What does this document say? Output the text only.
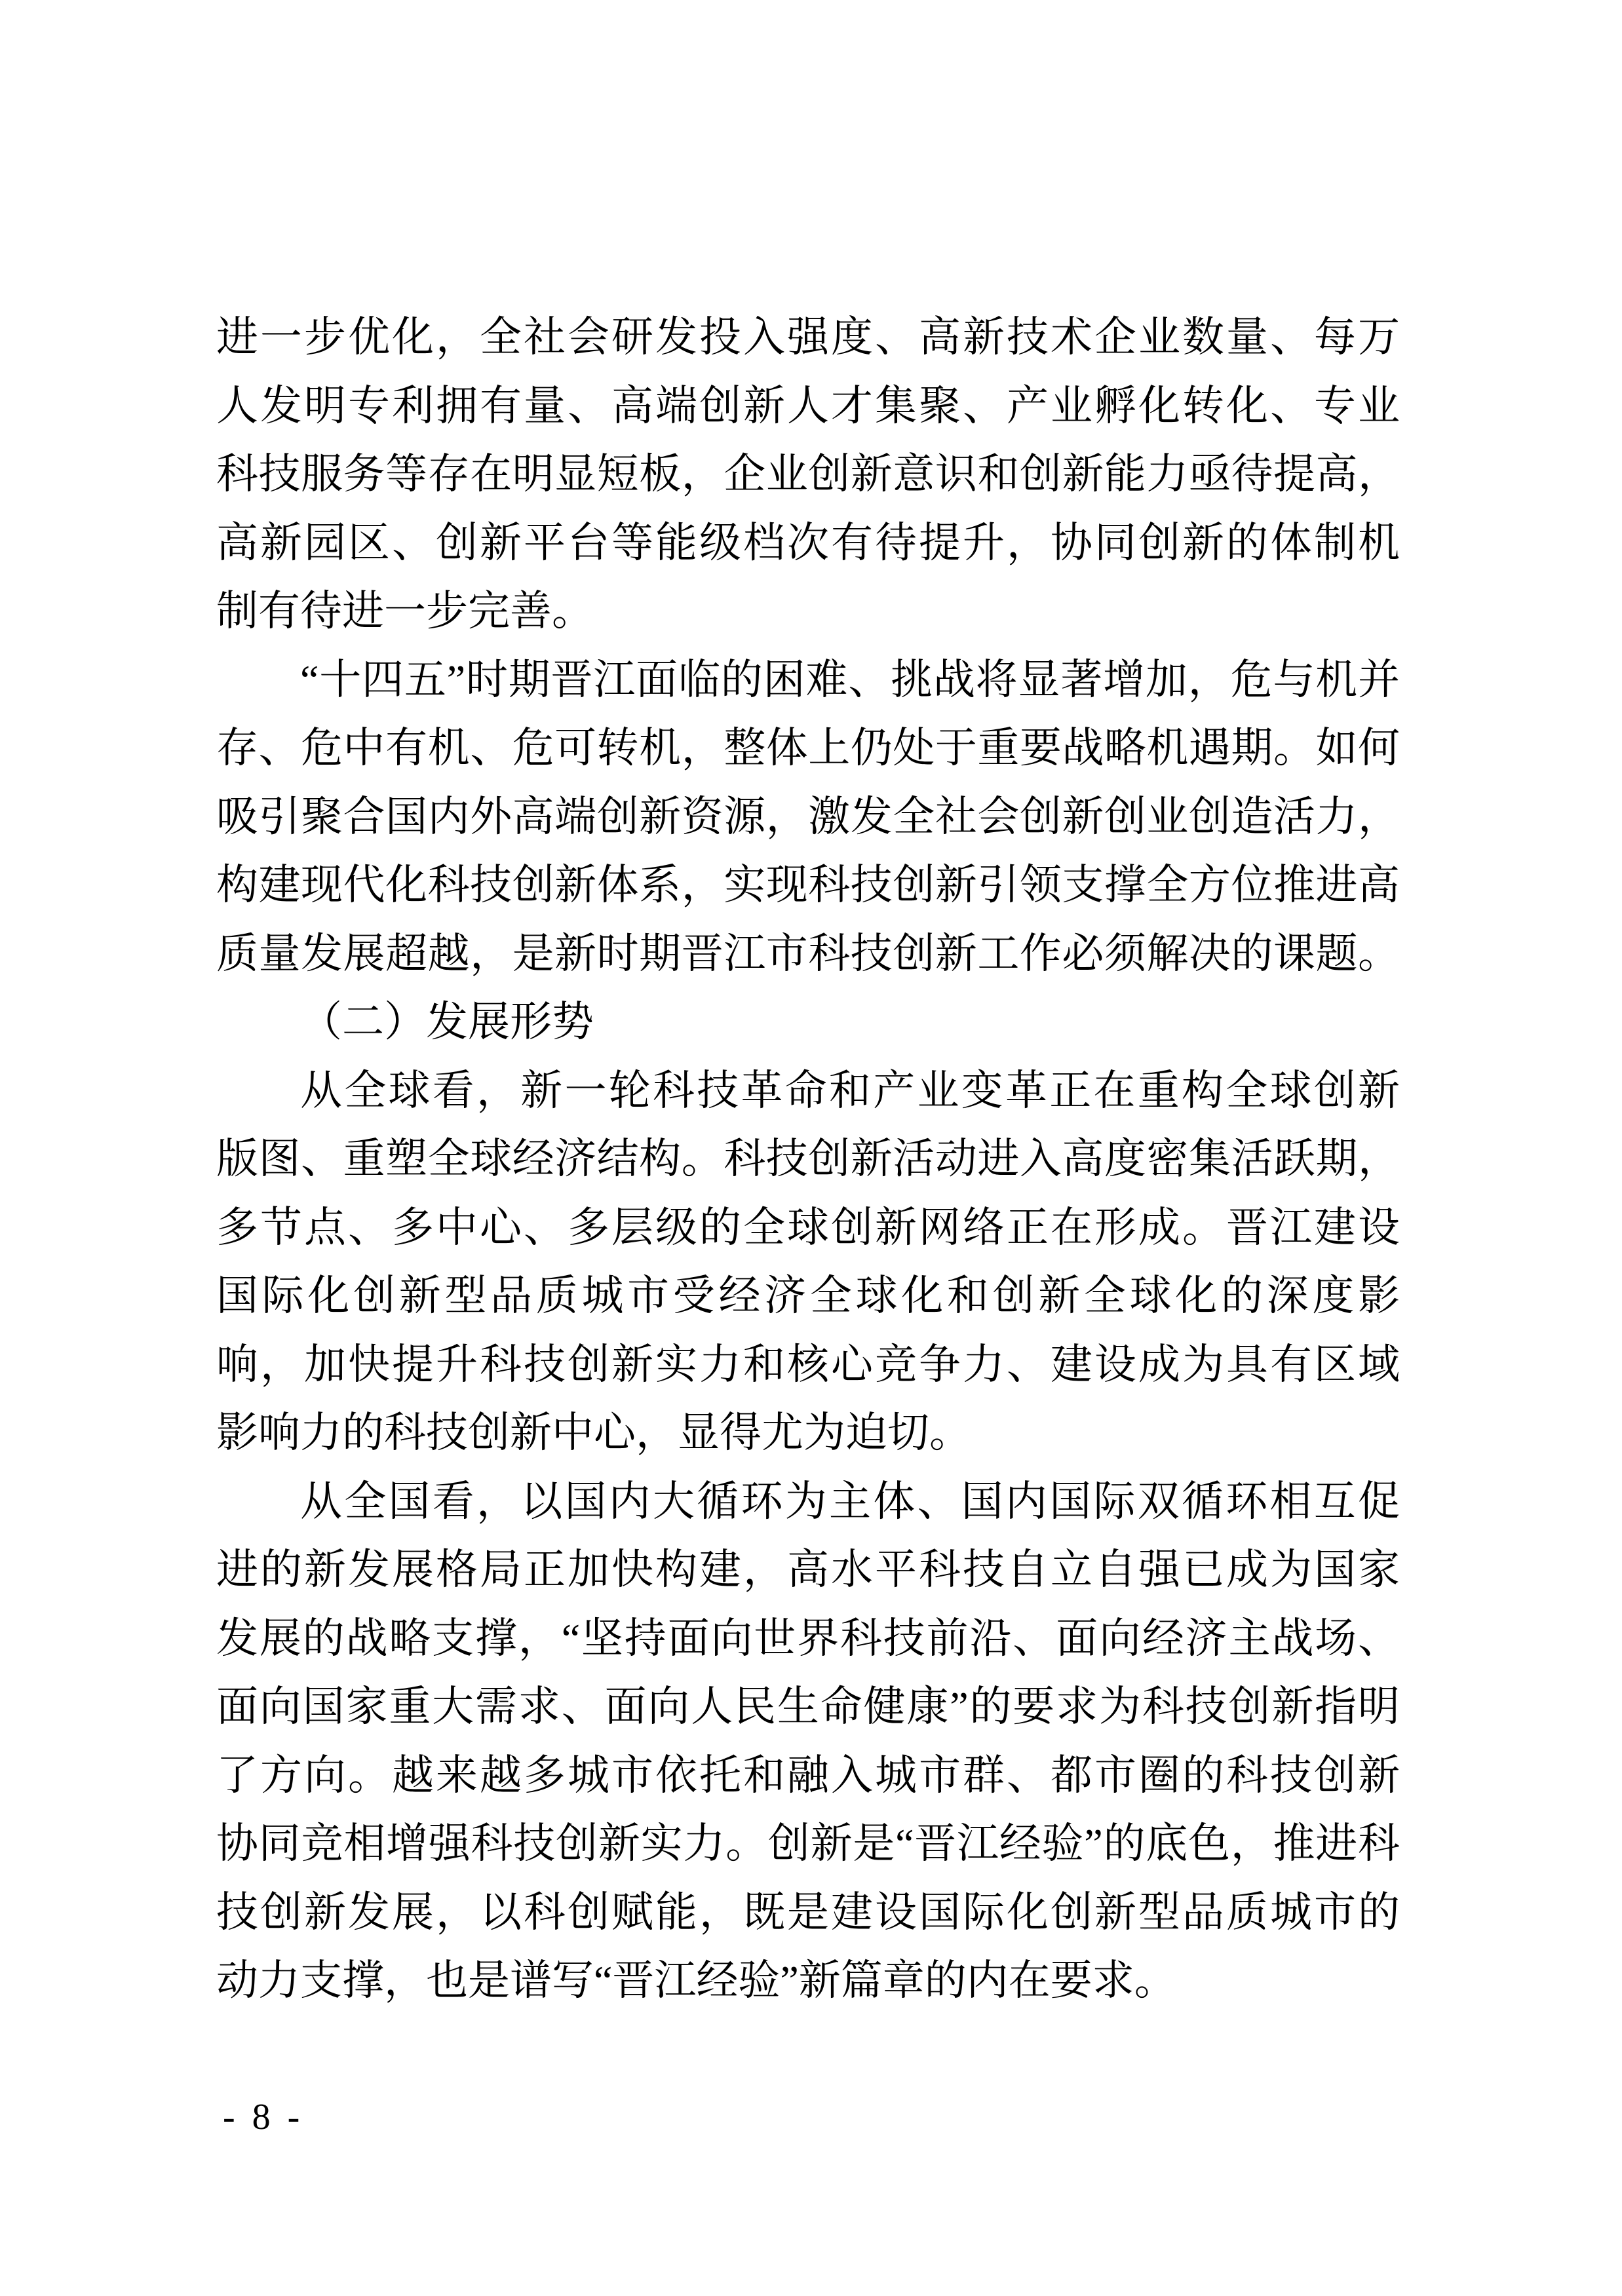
进一步优化，全社会研发投入强度、高新技术企业数量、每万
人发明专利拥有量、高端创新人才集聚、产业孵化转化、专业
科技服务等存在明显短板，企业创新意识和创新能力亟待提高，
高新园区、创新平台等能级档次有待提升，协同创新的体制机
制有待进一步完善。
“十四五”时期晋江面临的困难、挑战将显著增加，危与机并
存、危中有机、危可转机，整体上仍处于重要战略机遇期。如何
吸引聚合国内外高端创新资源，激发全社会创新创业创造活力，
构建现代化科技创新体系，实现科技创新引领支撑全方位推进高
质量发展超越，是新时期晋江市科技创新工作必须解决的课题。
（二）发展形势
从全球看，新一轮科技革命和产业变革正在重构全球创新
版图、重塑全球经济结构。科技创新活动进入高度密集活跃期，
多节点、多中心、多层级的全球创新网络正在形成。晋江建设
国际化创新型品质城市受经济全球化和创新全球化的深度影
响，加快提升科技创新实力和核心竞争力、建设成为具有区域
影响力的科技创新中心，显得尤为迫切。
从全国看，以国内大循环为主体、国内国际双循环相互促
进的新发展格局正加快构建，高水平科技自立自强已成为国家
发展的战略支撑，“坚持面向世界科技前沿、面向经济主战场、
面向国家重大需求、面向人民生命健康”的要求为科技创新指明
了方向。越来越多城市依托和融入城市群、都市圈的科技创新
协同竞相增强科技创新实力。创新是“晋江经验”的底色，推进科
技创新发展，以科创赋能，既是建设国际化创新型品质城市的
动力支撑，也是谱写“晋江经验”新篇章的内在要求。
- 8 -
